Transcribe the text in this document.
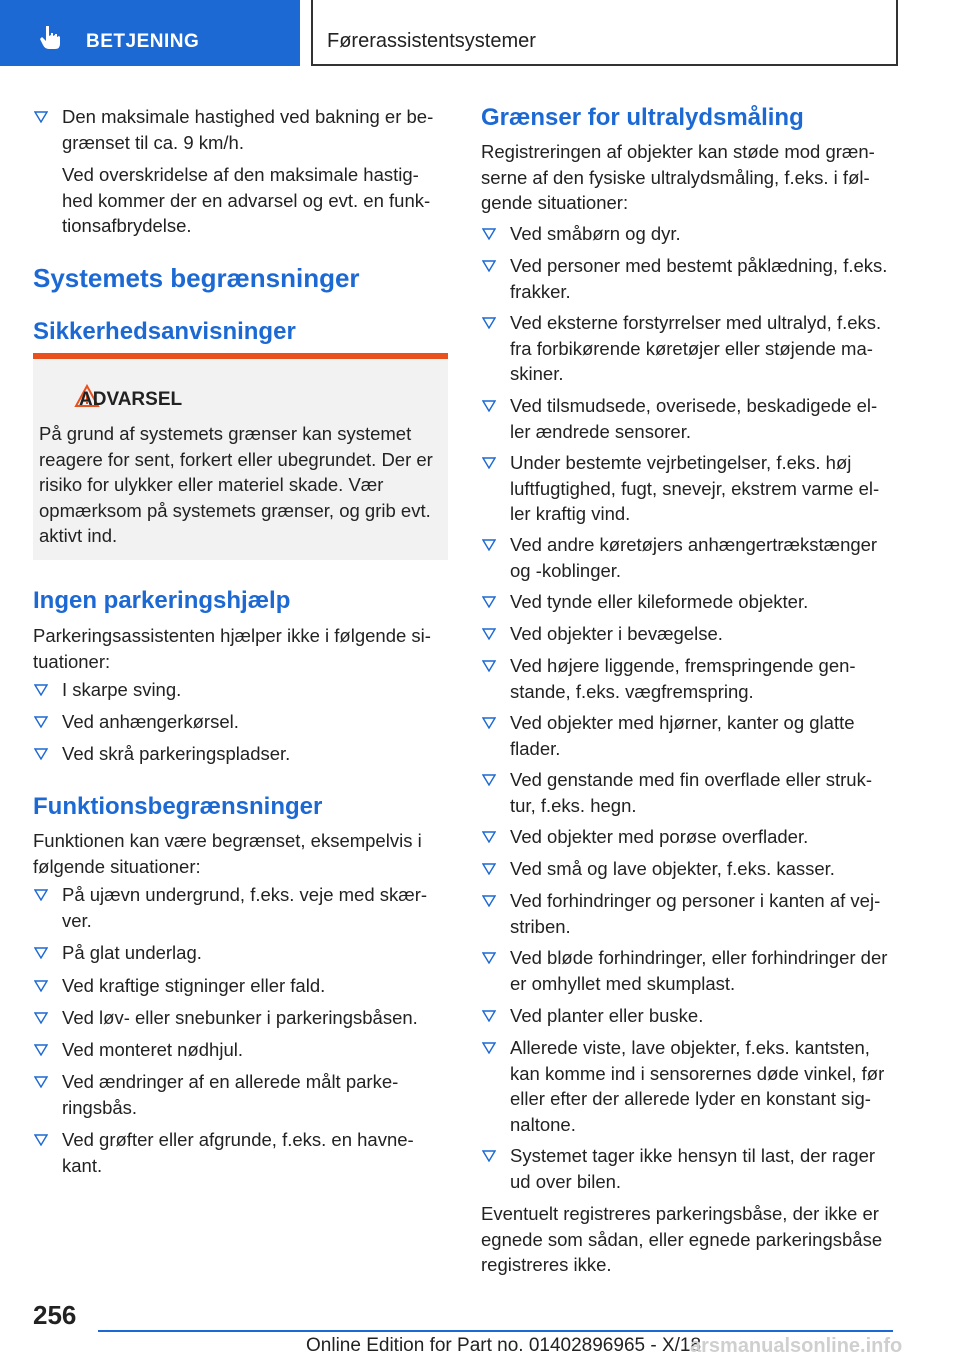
BETJENING	Førerassistentsystemer
Den maksimale hastighed ved bakning er be-grænset til ca. 9 km/h.
Ved overskridelse af den maksimale hastig-hed kommer der en advarsel og evt. en funk-tionsafbrydelse.
Systemets begrænsninger
Sikkerhedsanvisninger
ADVARSEL
På grund af systemets grænser kan systemet reagere for sent, forkert eller ubegrundet. Der er risiko for ulykker eller materiel skade. Vær opmærksom på systemets grænser, og grib evt. aktivt ind.
Ingen parkeringshjælp
Parkeringsassistenten hjælper ikke i følgende si-tuationer:
I skarpe sving.
Ved anhængerkørsel.
Ved skrå parkeringspladser.
Funktionsbegrænsninger
Funktionen kan være begrænset, eksempelvis i følgende situationer:
På ujævn undergrund, f.eks. veje med skær-ver.
På glat underlag.
Ved kraftige stigninger eller fald.
Ved løv- eller snebunker i parkeringsbåsen.
Ved monteret nødhjul.
Ved ændringer af en allerede målt parke-ringsbås.
Ved grøfter eller afgrunde, f.eks. en havne-kant.
Grænser for ultralydsmåling
Registreringen af objekter kan støde mod græn-serne af den fysiske ultralydsmåling, f.eks. i føl-gende situationer:
Ved småbørn og dyr.
Ved personer med bestemt påklædning, f.eks. frakker.
Ved eksterne forstyrrelser med ultralyd, f.eks. fra forbikørende køretøjer eller støjende ma-skiner.
Ved tilsmudsede, overisede, beskadigede el-ler ændrede sensorer.
Under bestemte vejrbetingelser, f.eks. høj luftfugtighed, fugt, snevejr, ekstrem varme el-ler kraftig vind.
Ved andre køretøjers anhængertrækstænger og -koblinger.
Ved tynde eller kileformede objekter.
Ved objekter i bevægelse.
Ved højere liggende, fremspringende gen-stande, f.eks. vægfremspring.
Ved objekter med hjørner, kanter og glatte flader.
Ved genstande med fin overflade eller struk-tur, f.eks. hegn.
Ved objekter med porøse overflader.
Ved små og lave objekter, f.eks. kasser.
Ved forhindringer og personer i kanten af vej-striben.
Ved bløde forhindringer, eller forhindringer der er omhyllet med skumplast.
Ved planter eller buske.
Allerede viste, lave objekter, f.eks. kantsten, kan komme ind i sensorernes døde vinkel, før eller efter der allerede lyder en konstant sig-naltone.
Systemet tager ikke hensyn til last, der rager ud over bilen.
Eventuelt registreres parkeringsbåse, der ikke er egnede som sådan, eller egnede parkeringsbåse registreres ikke.
256
Online Edition for Part no. 01402896965 - X/18
arsmanualsonline.info
